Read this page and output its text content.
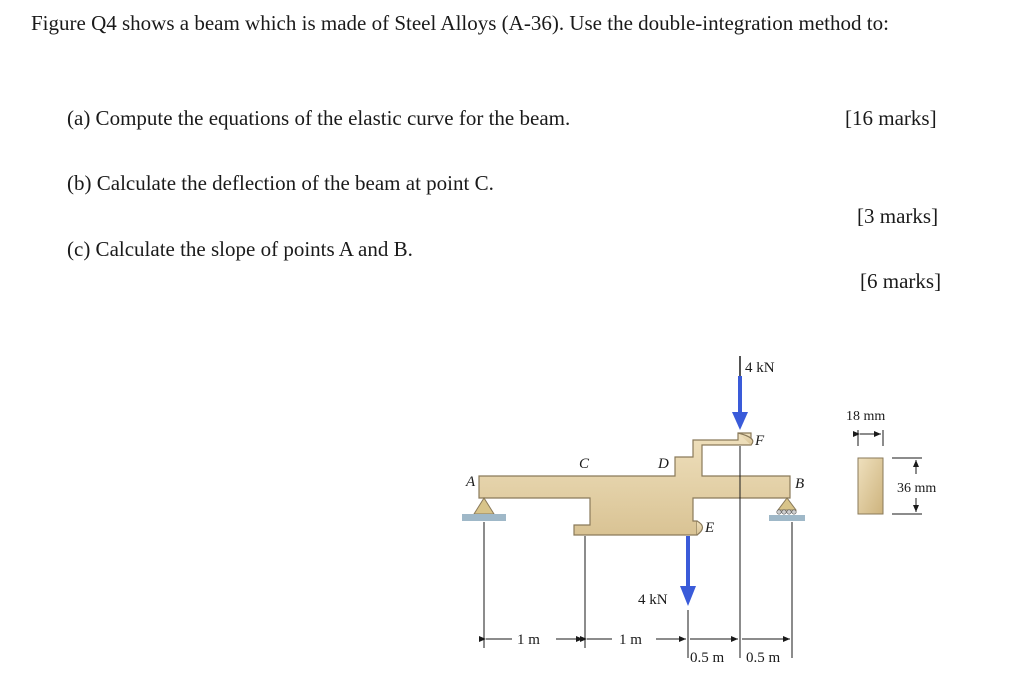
Figure Q4 shows a beam which is made of Steel Alloys (A-36). Use the double-integration method to:
(a) Compute the equations of the elastic curve for the beam.	[16 marks]
(b) Calculate the deflection of the beam at point C.
[3 marks]
(c) Calculate the slope of points A and B.
[6 marks]
A	B
C	D
E
F
4 kN
4 kN
1 m	1 m
0.5 m 0.5 m
18 mm
36 mm
